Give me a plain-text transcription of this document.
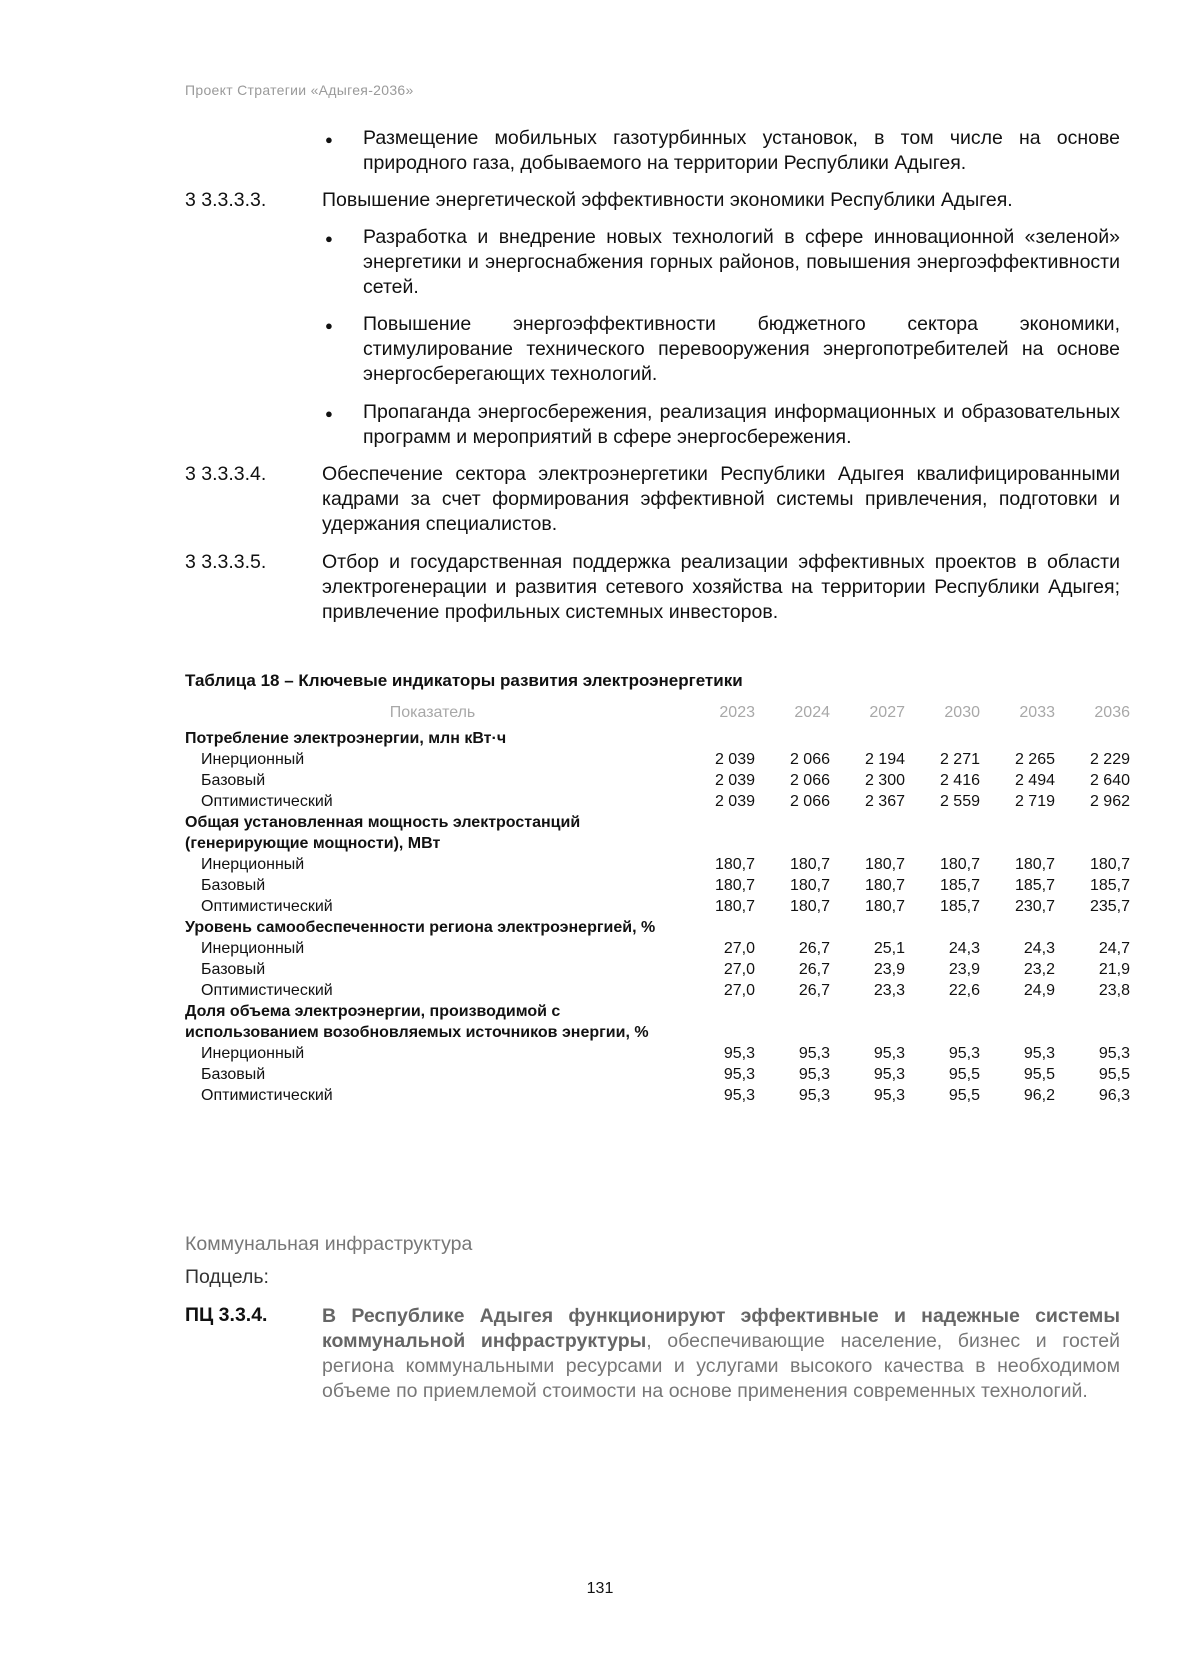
Проект Стратегии «Адыгея-2036»
● Размещение мобильных газотурбинных установок, в том числе на основе природного газа, добываемого на территории Республики Адыгея.
3 3.3.3.3.	Повышение энергетической эффективности экономики Республики Адыгея.
● Разработка и внедрение новых технологий в сфере инновационной «зеленой» энергетики и энергоснабжения горных районов, повышения энергоэффективности сетей.
● Повышение энергоэффективности бюджетного сектора экономики, стимулирование технического перевооружения энергопотребителей на основе энергосберегающих технологий.
● Пропаганда энергосбережения, реализация информационных и образовательных программ и мероприятий в сфере энергосбережения.
3 3.3.3.4.	Обеспечение сектора электроэнергетики Республики Адыгея квалифицированными кадрами за счет формирования эффективной системы привлечения, подготовки и удержания специалистов.
3 3.3.3.5.	Отбор и государственная поддержка реализации эффективных проектов в области электрогенерации и развития сетевого хозяйства на территории Республики Адыгея; привлечение профильных системных инвесторов.
Таблица 18 – Ключевые индикаторы развития электроэнергетики
Показатель	2023	2024	2027	2030	2033	2036
Потребление электроэнергии, млн кВт·ч						
Инерционный	2 039	2 066	2 194	2 271	2 265	2 229
Базовый	2 039	2 066	2 300	2 416	2 494	2 640
Оптимистический	2 039	2 066	2 367	2 559	2 719	2 962
Общая установленная мощность электростанций (генерирующие мощности), МВт						
Инерционный	180,7	180,7	180,7	180,7	180,7	180,7
Базовый	180,7	180,7	180,7	185,7	185,7	185,7
Оптимистический	180,7	180,7	180,7	185,7	230,7	235,7
Уровень самообеспеченности региона электроэнергией, %						
Инерционный	27,0	26,7	25,1	24,3	24,3	24,7
Базовый	27,0	26,7	23,9	23,9	23,2	21,9
Оптимистический	27,0	26,7	23,3	22,6	24,9	23,8
Доля объема электроэнергии, производимой с использованием возобновляемых источников энергии, %						
Инерционный	95,3	95,3	95,3	95,3	95,3	95,3
Базовый	95,3	95,3	95,3	95,5	95,5	95,5
Оптимистический	95,3	95,3	95,3	95,5	96,2	96,3
Коммунальная инфраструктура
Подцель:
ПЦ 3.3.4.	В Республике Адыгея функционируют эффективные и надежные системы коммунальной инфраструктуры, обеспечивающие население, бизнес и гостей региона коммунальными ресурсами и услугами высокого качества в необходимом объеме по приемлемой стоимости на основе применения современных технологий.
131
